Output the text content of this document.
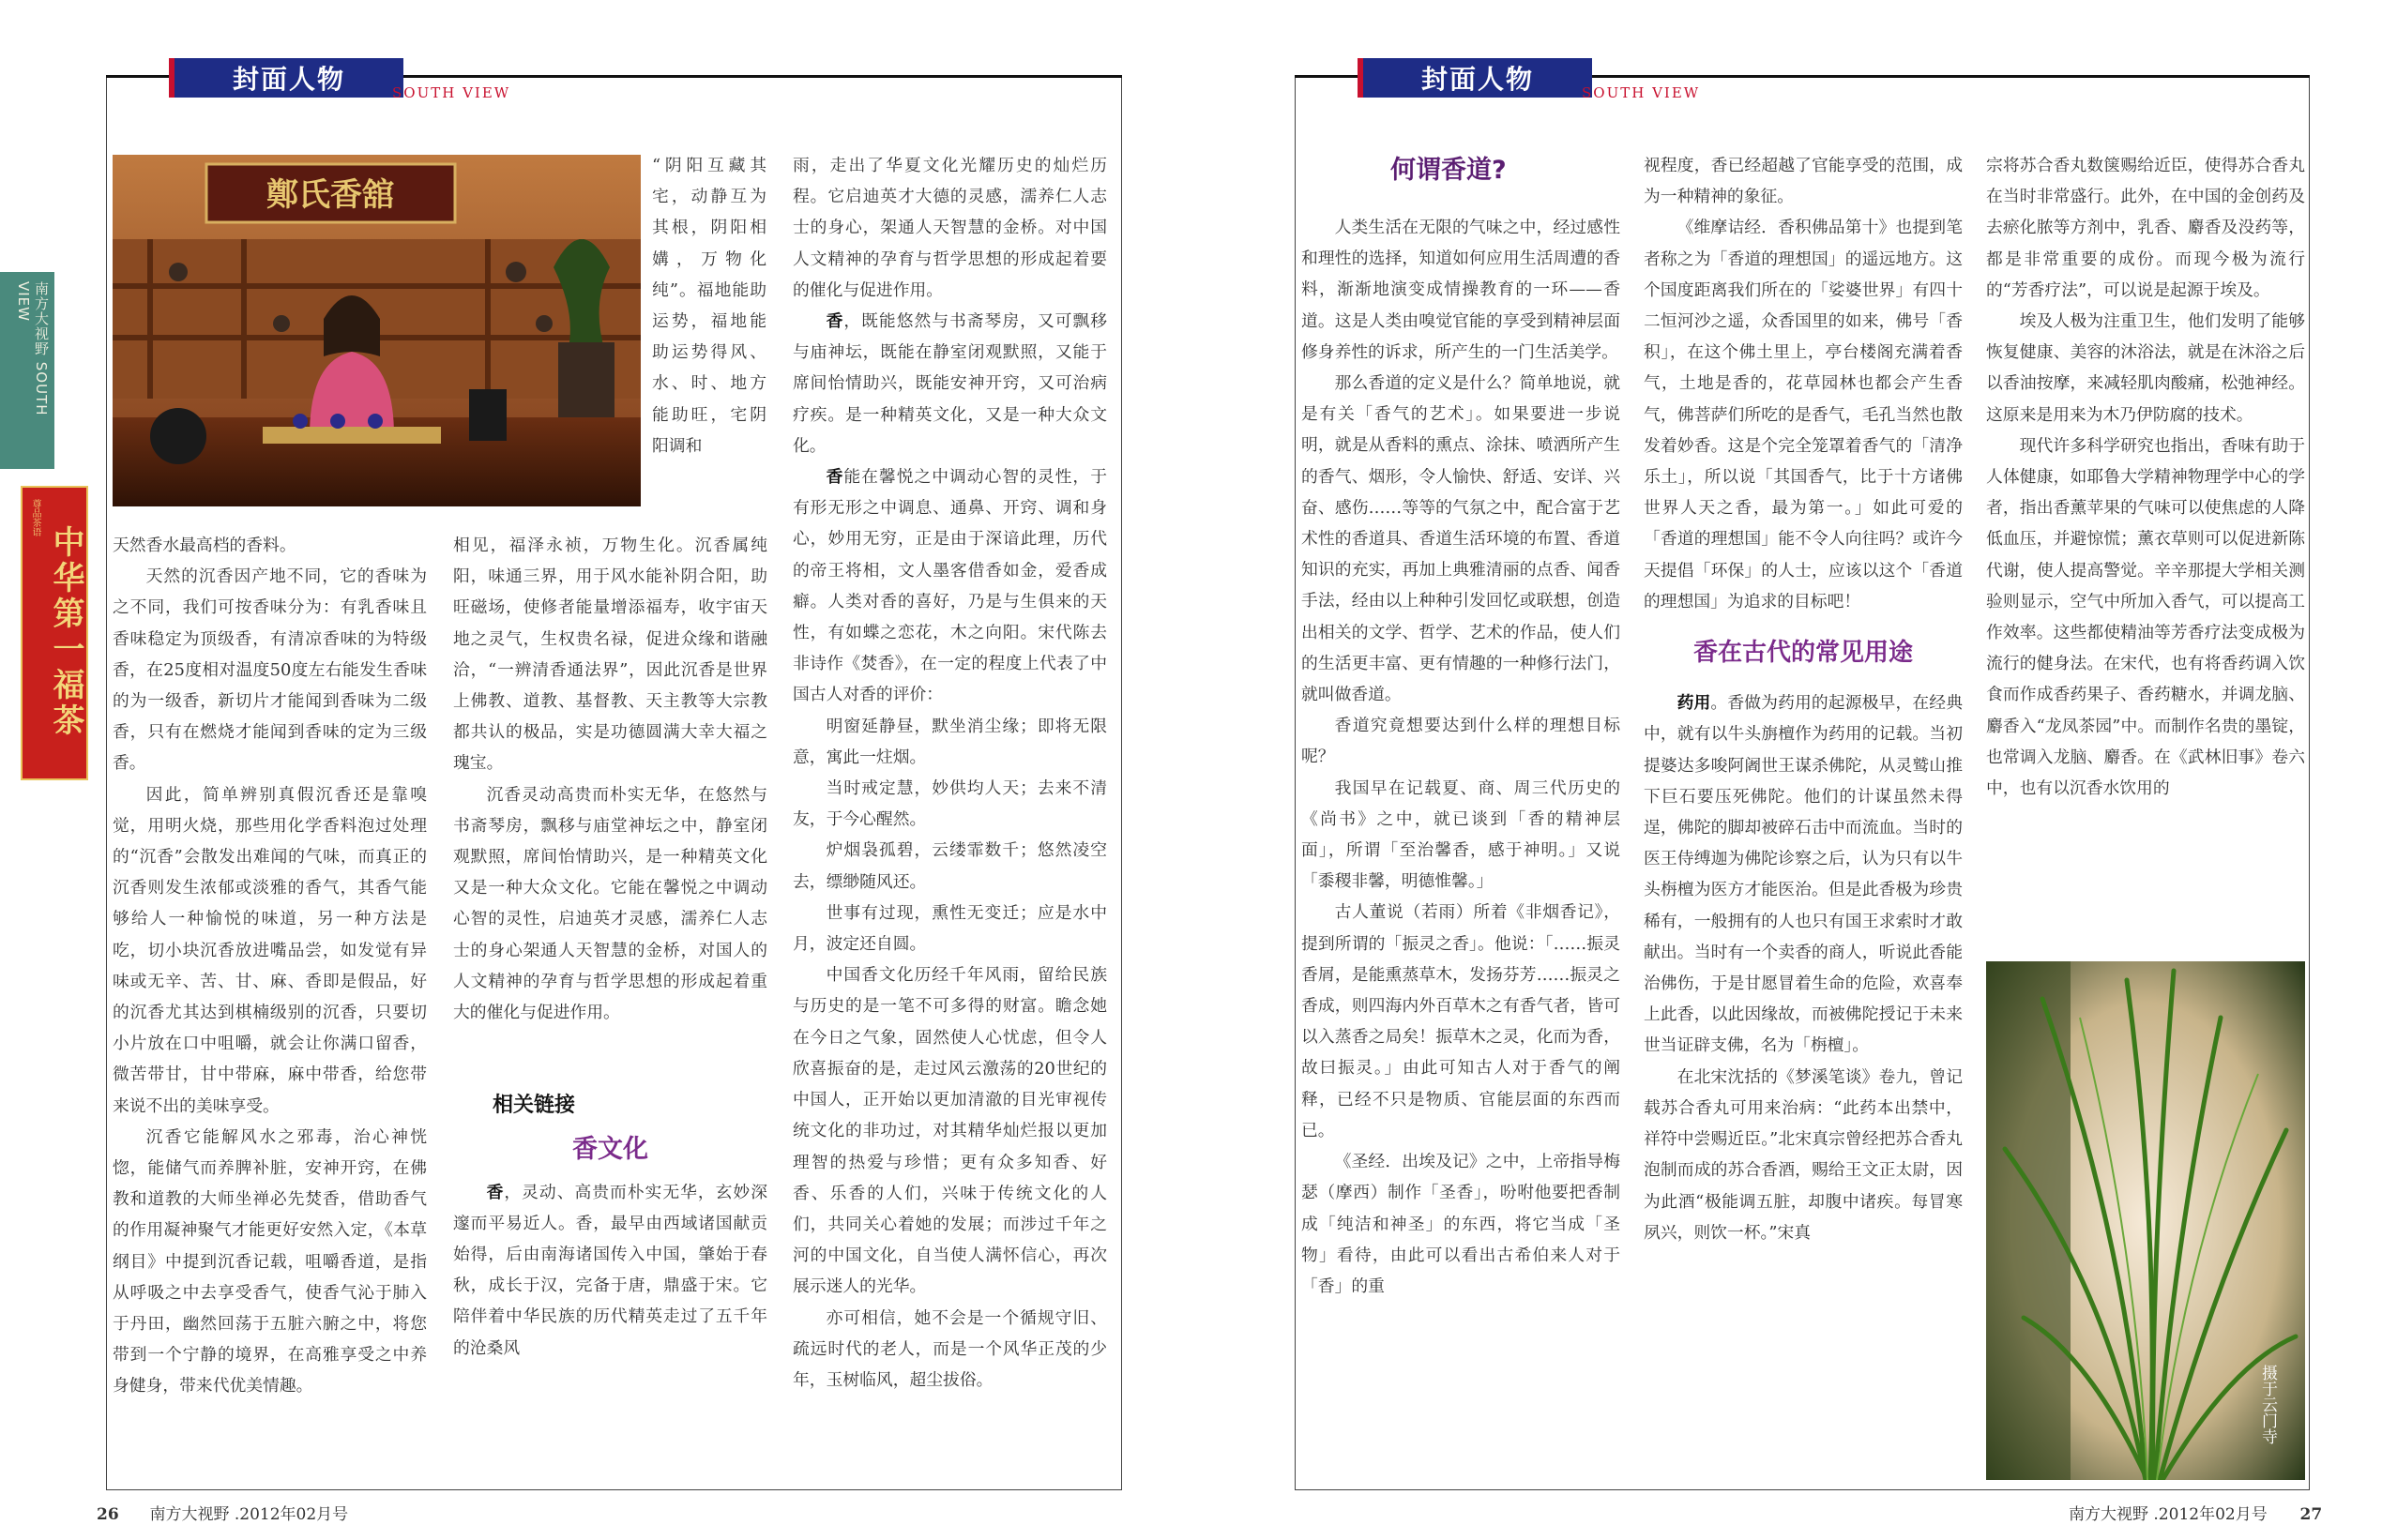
封面人物	SOUTH VIEW
鄭氏香舘

“阴阳互藏其宅，动静互为其根，阴阳相媾，万物化纯”。福地能助运势，福地能助运势得风、水、时、地方能助旺，宅阴阳调和

天然香水最高档的香料。

天然的沉香因产地不同，它的香味为之不同，我们可按香味分为：有乳香味且香味稳定为顶级香，有清凉香味的为特级香，在25度相对温度50度左右能发生香味的为一级香，新切片才能闻到香味为二级香，只有在燃烧才能闻到香味的定为三级香。

因此，简单辨别真假沉香还是靠嗅觉，用明火烧，那些用化学香料泡过处理的“沉香”会散发出难闻的气味，而真正的沉香则发生浓郁或淡雅的香气，其香气能够给人一种愉悦的味道，另一种方法是吃，切小块沉香放进嘴品尝，如发觉有异味或无辛、苦、甘、麻、香即是假品，好的沉香尤其达到棋楠级别的沉香，只要切小片放在口中咀嚼，就会让你满口留香，微苦带甘，甘中带麻，麻中带香，给您带来说不出的美味享受。

沉香它能解风水之邪毒，治心神恍惚，能储气而养脾补脏，安神开窍，在佛教和道教的大师坐禅必先焚香，借助香气的作用凝神聚气才能更好安然入定，《本草纲目》中提到沉香记载，咀嚼香道，是指从呼吸之中去享受香气，使香气沁于肺入于丹田，幽然回荡于五脏六腑之中，将您带到一个宁静的境界，在高雅享受之中养身健身，带来代优美情趣。

相见，福泽永祯，万物生化。沉香属纯阳，味通三界，用于风水能补阴合阳，助旺磁场，使修者能量增添福寿，收宇宙天地之灵气，生权贵名禄，促进众缘和谐融洽，“一辨清香通法界”，因此沉香是世界上佛教、道教、基督教、天主教等大宗教都共认的极品，实是功德圆满大幸大福之瑰宝。

沉香灵动高贵而朴实无华，在悠然与书斋琴房，飘移与庙堂神坛之中，静室闭观默照，席间怡情助兴，是一种精英文化又是一种大众文化。它能在馨悦之中调动心智的灵性，启迪英才灵感，濡养仁人志士的身心架通人天智慧的金桥，对国人的人文精神的孕育与哲学思想的形成起着重大的催化与促进作用。

相关链接

香文化

香，灵动、高贵而朴实无华，玄妙深邃而平易近人。香，最早由西域诸国献贡始得，后由南海诸国传入中国，肇始于春秋，成长于汉，完备于唐，鼎盛于宋。它陪伴着中华民族的历代精英走过了五千年的沧桑风

雨，走出了华夏文化光耀历史的灿烂历程。它启迪英才大德的灵感，濡养仁人志士的身心，架通人天智慧的金桥。对中国人文精神的孕育与哲学思想的形成起着要的催化与促进作用。

香，既能悠然与书斋琴房，又可飘移与庙神坛，既能在静室闭观默照，又能于席间怡情助兴，既能安神开窍，又可治病疗疾。是一种精英文化，又是一种大众文化。

香能在馨悦之中调动心智的灵性，于有形无形之中调息、通鼻、开窍、调和身心，妙用无穷，正是由于深谙此理，历代的帝王将相，文人墨客借香如金，爱香成癖。人类对香的喜好，乃是与生俱来的天性，有如蝶之恋花，木之向阳。宋代陈去非诗作《焚香》，在一定的程度上代表了中国古人对香的评价：

明窗延静昼，默坐消尘缘；即将无限意，寓此一炷烟。

当时戒定慧，妙供均人天；去来不清友，于今心醒然。

炉烟袅孤碧，云缕霏数千；悠然凌空去，缥缈随风还。

世事有过现，熏性无变迁；应是水中月，波定还自圆。

中国香文化历经千年风雨，留给民族与历史的是一笔不可多得的财富。瞻念她在今日之气象，固然使人心忧虑，但令人欣喜振奋的是，走过风云激荡的20世纪的中国人，正开始以更加清澈的目光审视传统文化的非功过，对其精华灿烂报以更加理智的热爱与珍惜；更有众多知香、好香、乐香的人们，兴味于传统文化的人们，共同关心着她的发展；而涉过千年之河的中国文化，自当使人满怀信心，再次展示迷人的光华。

亦可相信，她不会是一个循规守旧、疏远时代的老人，而是一个风华正茂的少年，玉树临风，超尘拔俗。

26 南方大视野 .2012年02月号
南方大视野 SOUTH VIEW
尊品茶语
中华第一福茶
封面人物	SOUTH VIEW

何谓香道?

人类生活在无限的气味之中，经过感性和理性的选择，知道如何应用生活周遭的香料，渐渐地演变成情操教育的一环——香道。这是人类由嗅觉官能的享受到精神层面修身养性的诉求，所产生的一门生活美学。

那么香道的定义是什么？简单地说，就是有关「香气的艺术」。如果要进一步说明，就是从香料的熏点、涂抹、喷洒所产生的香气、烟形，令人愉快、舒适、安详、兴奋、感伤……等等的气氛之中，配合富于艺术性的香道具、香道生活环境的布置、香道知识的充实，再加上典雅清丽的点香、闻香手法，经由以上种种引发回忆或联想，创造出相关的文学、哲学、艺术的作品，使人们的生活更丰富、更有情趣的一种修行法门，就叫做香道。

香道究竟想要达到什么样的理想目标呢？

我国早在记载夏、商、周三代历史的《尚书》之中，就已谈到「香的精神层面」，所谓「至治馨香，感于神明。」又说「黍稷非馨，明德惟馨。」

古人董说（若雨）所着《非烟香记》，提到所谓的「振灵之香」。他说：「……振灵香屑，是能熏蒸草木，发扬芬芳……振灵之香成，则四海内外百草木之有香气者，皆可以入蒸香之局矣！振草木之灵，化而为香，故曰振灵。」由此可知古人对于香气的阐释，已经不只是物质、官能层面的东西而已。

《圣经．出埃及记》之中，上帝指导梅瑟（摩西）制作「圣香」，吩咐他要把香制成「纯洁和神圣」的东西，将它当成「圣物」看待，由此可以看出古希伯来人对于「香」的重

视程度，香已经超越了官能享受的范围，成为一种精神的象征。

《维摩诘经．香积佛品第十》也提到笔者称之为「香道的理想国」的遥远地方。这个国度距离我们所在的「娑婆世界」有四十二恒河沙之遥，众香国里的如来，佛号「香积」，在这个佛土里上，亭台楼阁充满着香气，土地是香的，花草园林也都会产生香气，佛菩萨们所吃的是香气，毛孔当然也散发着妙香。这是个完全笼罩着香气的「清净乐土」，所以说「其国香气，比于十方诸佛世界人天之香，最为第一。」如此可爱的「香道的理想国」能不令人向往吗？或许今天提倡「环保」的人士，应该以这个「香道的理想国」为追求的目标吧！

香在古代的常见用途

药用。香做为药用的起源极早，在经典中，就有以牛头旃檀作为药用的记载。当初提婆达多唆阿阇世王谋杀佛陀，从灵鹫山推下巨石要压死佛陀。他们的计谋虽然未得逞，佛陀的脚却被碎石击中而流血。当时的医王侍缚迦为佛陀诊察之后，认为只有以牛头栴檀为医方才能医治。但是此香极为珍贵稀有，一般拥有的人也只有国王求索时才敢献出。当时有一个卖香的商人，听说此香能治佛伤，于是甘愿冒着生命的危险，欢喜奉上此香，以此因缘故，而被佛陀授记于未来世当证辟支佛，名为「栴檀」。

在北宋沈括的《梦溪笔谈》卷九，曾记载苏合香丸可用来治病：“此药本出禁中，祥符中尝赐近臣。”北宋真宗曾经把苏合香丸泡制而成的苏合香酒，赐给王文正太尉，因为此酒“极能调五脏，却腹中诸疾。每冒寒夙兴，则饮一杯。”宋真

宗将苏合香丸数箧赐给近臣，使得苏合香丸在当时非常盛行。此外，在中国的金创药及去瘀化脓等方剂中，乳香、麝香及没药等，都是非常重要的成份。而现今极为流行的“芳香疗法”，可以说是起源于埃及。

埃及人极为注重卫生，他们发明了能够恢复健康、美容的沐浴法，就是在沐浴之后以香油按摩，来减轻肌肉酸痛，松弛神经。这原来是用来为木乃伊防腐的技术。

现代许多科学研究也指出，香味有助于人体健康，如耶鲁大学精神物理学中心的学者，指出香薰苹果的气味可以使焦虑的人降低血压，并避惊慌；薰衣草则可以促进新陈代谢，使人提高警觉。辛辛那提大学相关测验则显示，空气中所加入香气，可以提高工作效率。这些都使精油等芳香疗法变成极为流行的健身法。在宋代，也有将香药调入饮食而作成香药果子、香药糖水，并调龙脑、麝香入“龙凤茶园”中。而制作名贵的墨锭，也常调入龙脑、麝香。在《武林旧事》卷六中，也有以沉香水饮用的

摄于云门寺
南方大视野 .2012年02月号 27
